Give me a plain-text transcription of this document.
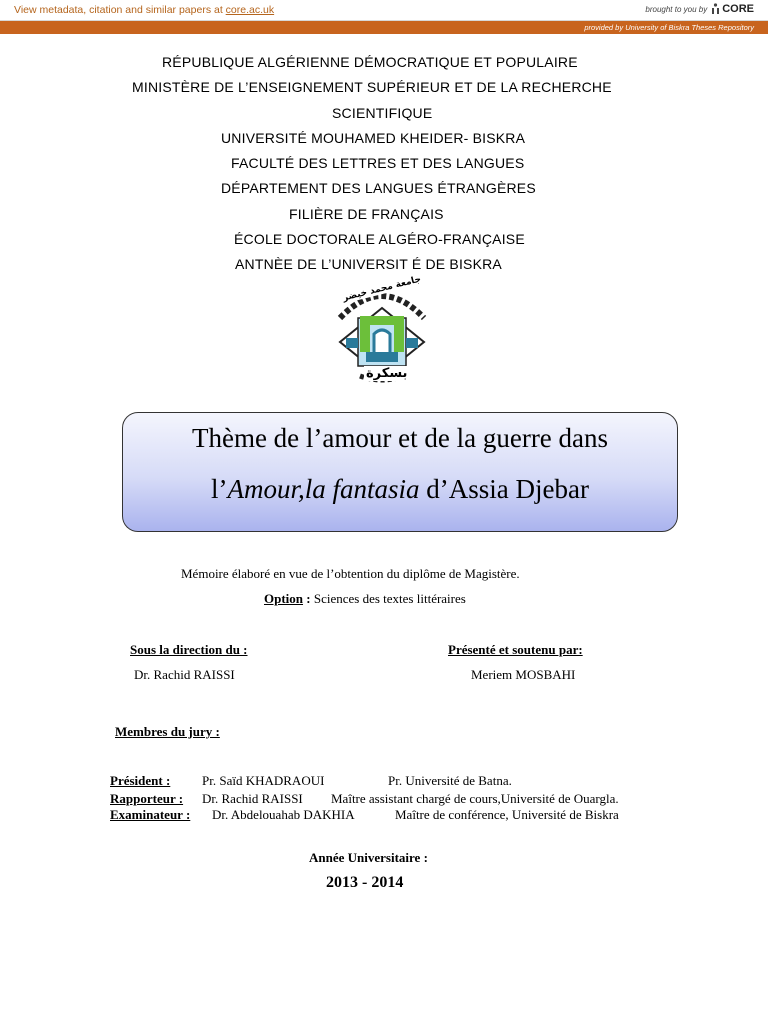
View metadata, citation and similar papers at core.ac.uk	brought to you by CORE
provided by University of Biskra Theses Repository
RÉPUBLIQUE ALGÉRIENNE DÉMOCRATIQUE ET POPULAIRE
MINISTÈRE DE L’ENSEIGNEMENT SUPÉRIEUR ET DE LA RECHERCHE
SCIENTIFIQUE
UNIVERSITÉ MOUHAMED KHEIDER- BISKRA
FACULTÉ DES LETTRES ET DES LANGUES
DÉPARTEMENT DES LANGUES ÉTRANGÈRES
FILIÈRE DE FRANÇAIS
ÉCOLE DOCTORALE ALGÉRO-FRANÇAISE
ANTNÈE DE L’UNIVERSIT É DE BISKRA
جامعة محمد خيضر
بسكرة
Thème de l’amour et de la guerre dans
l’Amour,la fantasia d’Assia Djebar
Mémoire élaboré en vue de l’obtention du diplôme de Magistère.
Option : Sciences des textes littéraires
Sous la direction du :
Dr. Rachid RAISSI
Présenté et soutenu par:
Meriem MOSBAHI
Membres du jury :
Président : Pr. Saïd KHADRAOUI	Pr. Université de Batna.
Rapporteur : Dr. Rachid RAISSI Maître assistant chargé de cours,Université de Ouargla.
Examinateur : Dr. Abdelouahab DAKHIA	Maître de conférence, Université de Biskra
Année Universitaire :
2013 - 2014
